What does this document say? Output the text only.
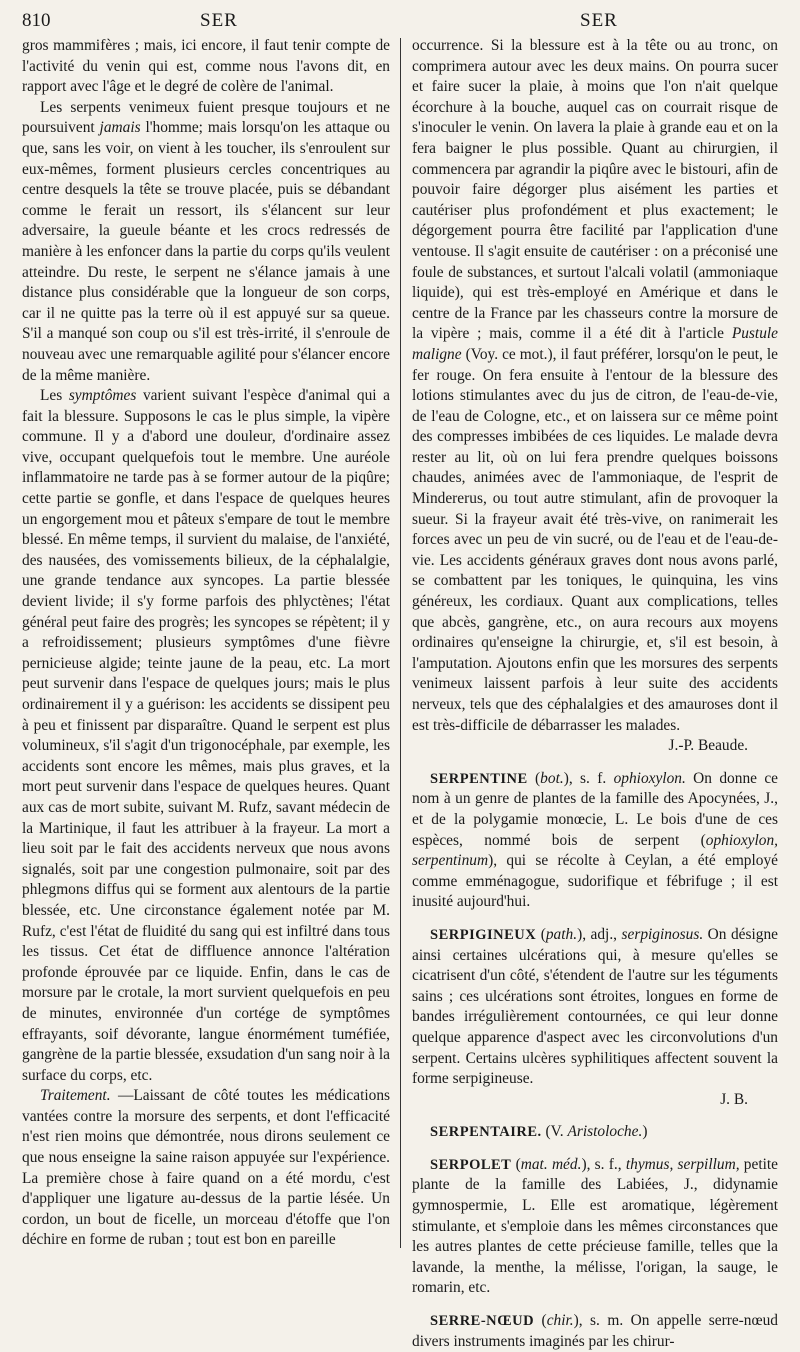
810	SER	SER

gros mammifères ; mais, ici encore, il faut tenir compte de l'activité du venin qui est, comme nous l'avons dit, en rapport avec l'âge et le degré de colère de l'animal.

Les serpents venimeux fuient presque toujours et ne poursuivent jamais l'homme; mais lorsqu'on les attaque ou que, sans les voir, on vient à les toucher, ils s'enroulent sur eux-mêmes, forment plusieurs cercles concentriques au centre desquels la tête se trouve placée, puis se débandant comme le ferait un ressort, ils s'élancent sur leur adversaire, la gueule béante et les crocs redressés de manière à les enfoncer dans la partie du corps qu'ils veulent atteindre. Du reste, le serpent ne s'élance jamais à une distance plus considérable que la longueur de son corps, car il ne quitte pas la terre où il est appuyé sur sa queue. S'il a manqué son coup ou s'il est très-irrité, il s'enroule de nouveau avec une remarquable agilité pour s'élancer encore de la même manière.

Les symptômes varient suivant l'espèce d'animal qui a fait la blessure. Supposons le cas le plus simple, la vipère commune. Il y a d'abord une douleur, d'ordinaire assez vive, occupant quelquefois tout le membre. Une auréole inflammatoire ne tarde pas à se former autour de la piqûre; cette partie se gonfle, et dans l'espace de quelques heures un engorgement mou et pâteux s'empare de tout le membre blessé. En même temps, il survient du malaise, de l'anxiété, des nausées, des vomissements bilieux, de la céphalalgie, une grande tendance aux syncopes. La partie blessée devient livide; il s'y forme parfois des phlyctènes; l'état général peut faire des progrès; les syncopes se répètent; il y a refroidissement; plusieurs symptômes d'une fièvre pernicieuse algide; teinte jaune de la peau, etc. La mort peut survenir dans l'espace de quelques jours; mais le plus ordinairement il y a guérison: les accidents se dissipent peu à peu et finissent par disparaître. Quand le serpent est plus volumineux, s'il s'agit d'un trigonocéphale, par exemple, les accidents sont encore les mêmes, mais plus graves, et la mort peut survenir dans l'espace de quelques heures. Quant aux cas de mort subite, suivant M. Rufz, savant médecin de la Martinique, il faut les attribuer à la frayeur. La mort a lieu soit par le fait des accidents nerveux que nous avons signalés, soit par une congestion pulmonaire, soit par des phlegmons diffus qui se forment aux alentours de la partie blessée, etc. Une circonstance également notée par M. Rufz, c'est l'état de fluidité du sang qui est infiltré dans tous les tissus. Cet état de diffluence annonce l'altération profonde éprouvée par ce liquide. Enfin, dans le cas de morsure par le crotale, la mort survient quelquefois en peu de minutes, environnée d'un cortége de symptômes effrayants, soif dévorante, langue énormément tuméfiée, gangrène de la partie blessée, exsudation d'un sang noir à la surface du corps, etc.

Traitement. —Laissant de côté toutes les médications vantées contre la morsure des serpents, et dont l'efficacité n'est rien moins que démontrée, nous dirons seulement ce que nous enseigne la saine raison appuyée sur l'expérience. La première chose à faire quand on a été mordu, c'est d'appliquer une ligature au-dessus de la partie lésée. Un cordon, un bout de ficelle, un morceau d'étoffe que l'on déchire en forme de ruban ; tout est bon en pareille

occurrence. Si la blessure est à la tête ou au tronc, on comprimera autour avec les deux mains. On pourra sucer et faire sucer la plaie, à moins que l'on n'ait quelque écorchure à la bouche, auquel cas on courrait risque de s'inoculer le venin. On lavera la plaie à grande eau et on la fera baigner le plus possible. Quant au chirurgien, il commencera par agrandir la piqûre avec le bistouri, afin de pouvoir faire dégorger plus aisément les parties et cautériser plus profondément et plus exactement; le dégorgement pourra être facilité par l'application d'une ventouse. Il s'agit ensuite de cautériser : on a préconisé une foule de substances, et surtout l'alcali volatil (ammoniaque liquide), qui est très-employé en Amérique et dans le centre de la France par les chasseurs contre la morsure de la vipère ; mais, comme il a été dit à l'article Pustule maligne (Voy. ce mot.), il faut préférer, lorsqu'on le peut, le fer rouge. On fera ensuite à l'entour de la blessure des lotions stimulantes avec du jus de citron, de l'eau-de-vie, de l'eau de Cologne, etc., et on laissera sur ce même point des compresses imbibées de ces liquides. Le malade devra rester au lit, où on lui fera prendre quelques boissons chaudes, animées avec de l'ammoniaque, de l'esprit de Mindererus, ou tout autre stimulant, afin de provoquer la sueur. Si la frayeur avait été très-vive, on ranimerait les forces avec un peu de vin sucré, ou de l'eau et de l'eau-de-vie. Les accidents généraux graves dont nous avons parlé, se combattent par les toniques, le quinquina, les vins généreux, les cordiaux. Quant aux complications, telles que abcès, gangrène, etc., on aura recours aux moyens ordinaires qu'enseigne la chirurgie, et, s'il est besoin, à l'amputation. Ajoutons enfin que les morsures des serpents venimeux laissent parfois à leur suite des accidents nerveux, tels que des céphalalgies et des amauroses dont il est très-difficile de débarrasser les malades.
J.-P. Beaude.

SERPENTINE (bot.), s. f. ophioxylon. On donne ce nom à un genre de plantes de la famille des Apocynées, J., et de la polygamie monœcie, L. Le bois d'une de ces espèces, nommé bois de serpent (ophioxylon, serpentinum), qui se récolte à Ceylan, a été employé comme emménagogue, sudorifique et fébrifuge ; il est inusité aujourd'hui.

SERPIGINEUX (path.), adj., serpiginosus. On désigne ainsi certaines ulcérations qui, à mesure qu'elles se cicatrisent d'un côté, s'étendent de l'autre sur les téguments sains ; ces ulcérations sont étroites, longues en forme de bandes irrégulièrement contournées, ce qui leur donne quelque apparence d'aspect avec les circonvolutions d'un serpent. Certains ulcères syphilitiques affectent souvent la forme serpigineuse.
J. B.

SERPENTAIRE. (V. Aristoloche.)

SERPOLET (mat. méd.), s. f., thymus, serpillum, petite plante de la famille des Labiées, J., didynamie gymnospermie, L. Elle est aromatique, légèrement stimulante, et s'emploie dans les mêmes circonstances que les autres plantes de cette précieuse famille, telles que la lavande, la menthe, la mélisse, l'origan, la sauge, le romarin, etc.

SERRE-NŒUD (chir.), s. m. On appelle serre-nœud divers instruments imaginés par les chirur-
